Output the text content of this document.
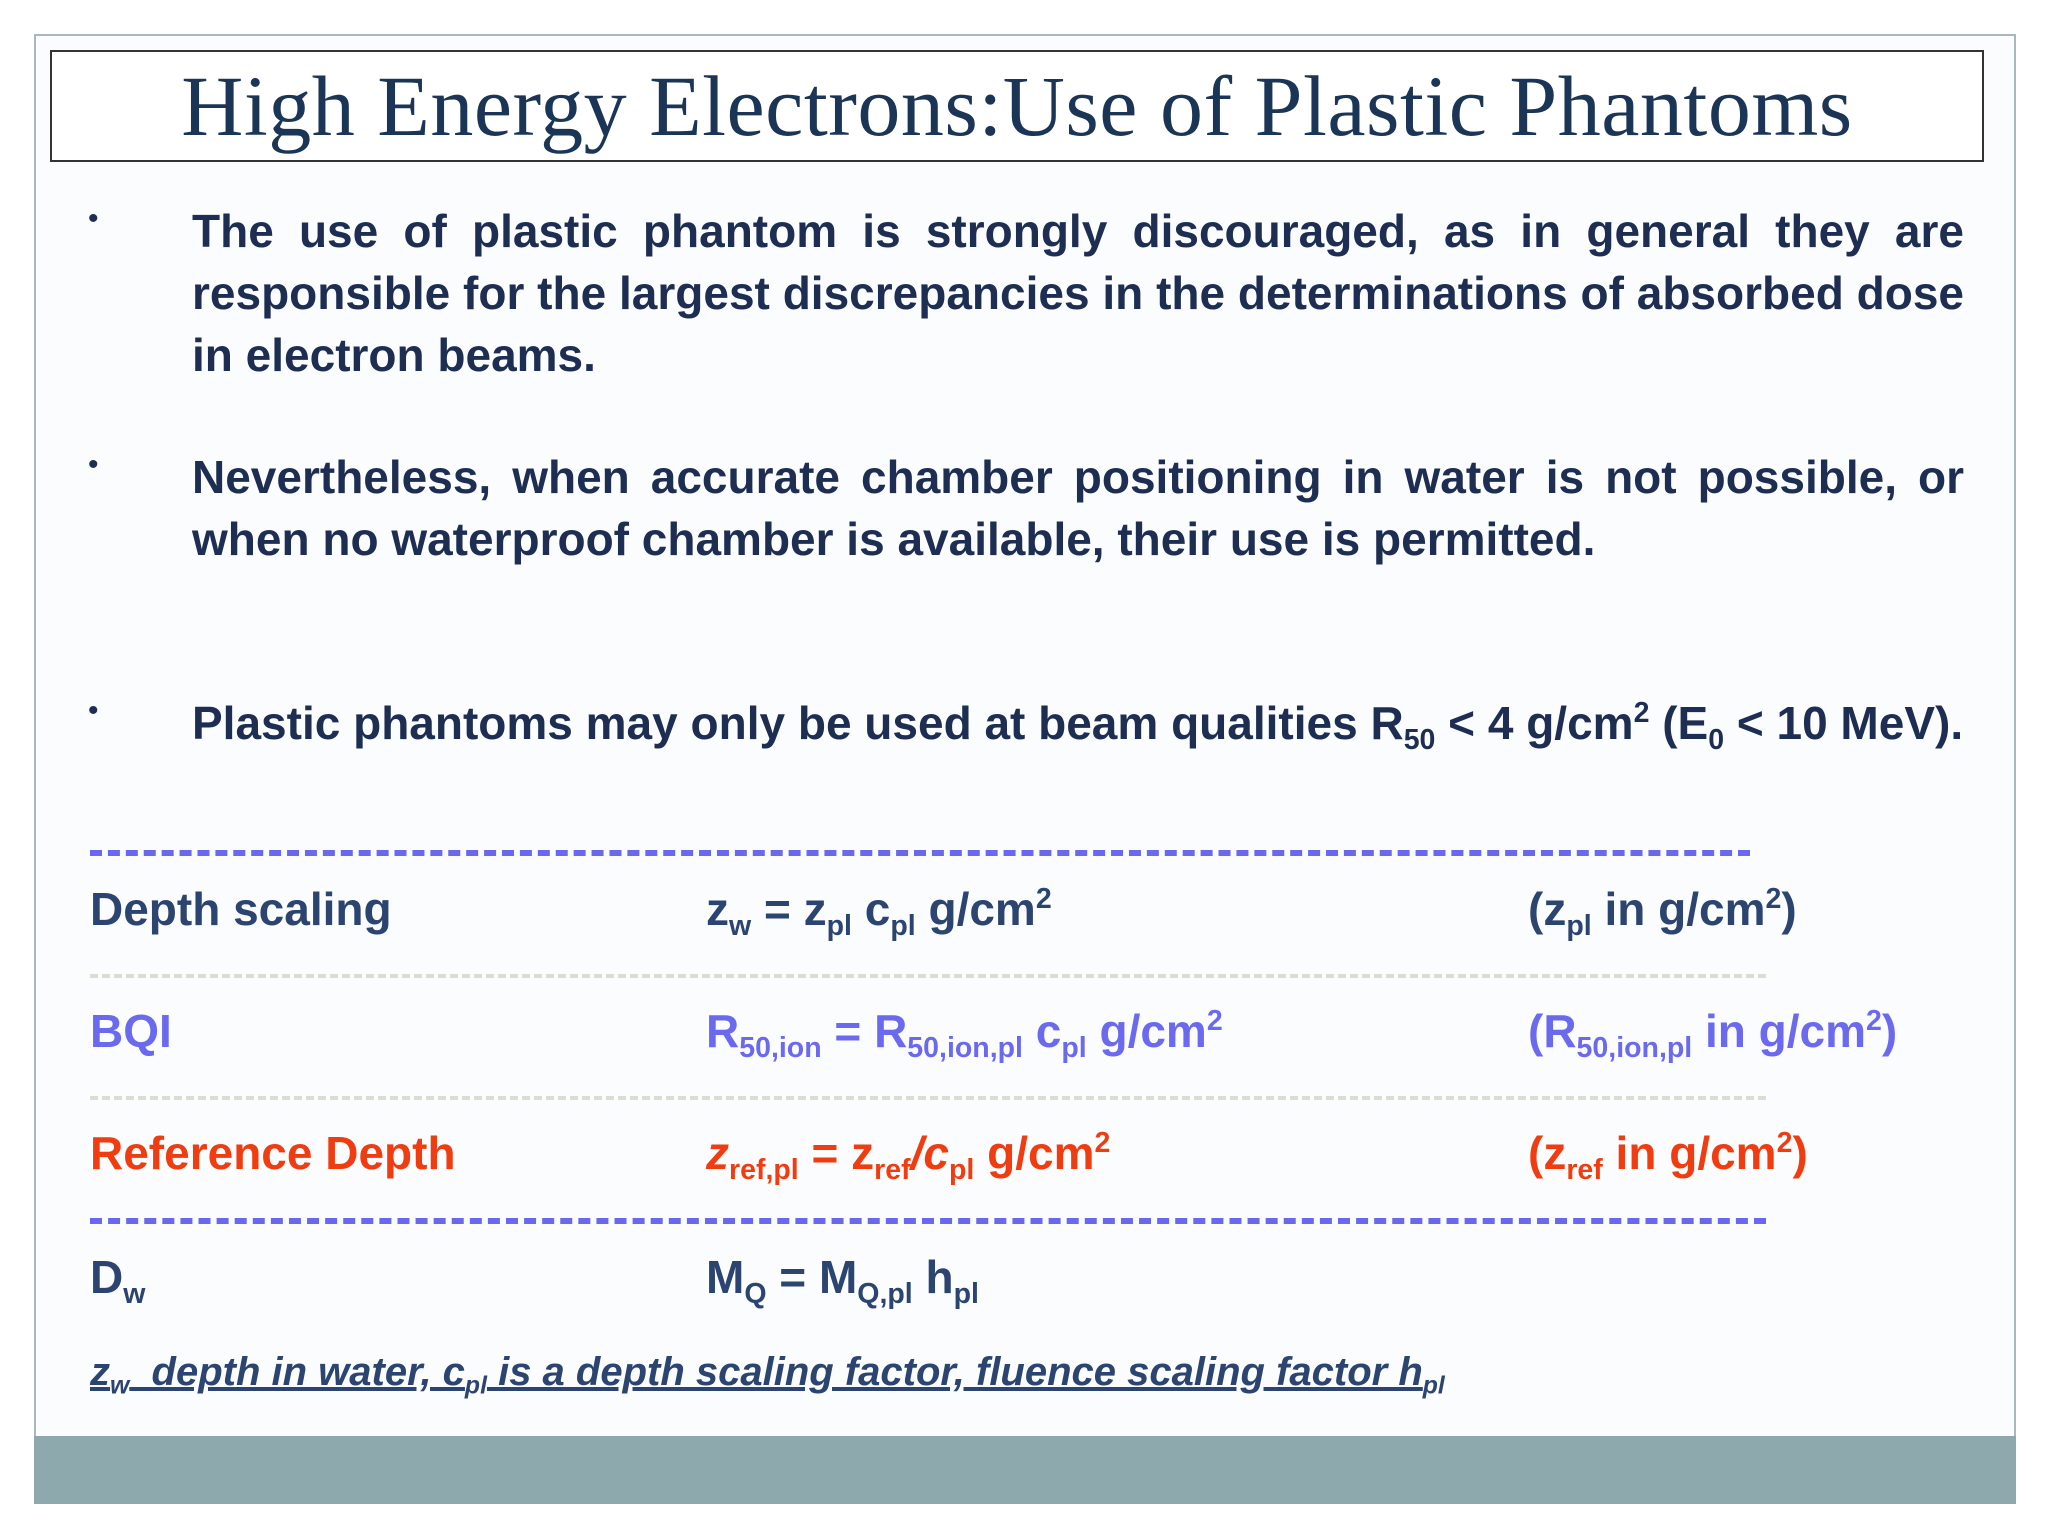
High Energy Electrons:Use of Plastic Phantoms
• The use of plastic phantom is strongly discouraged, as in general they are responsible for the largest discrepancies in the determinations of absorbed dose in electron beams.
• Nevertheless, when accurate chamber positioning in water is not possible, or when no waterproof chamber is available, their use is permitted.
• Plastic phantoms may only be used at beam qualities $R_{50} < 4$ $g/cm^2$ ($E_0 < 10$ MeV).
Depth scaling	$z_w = z_{pl}$ $c_{pl}$ $g/cm^2$	($z_{pl}$ in $g/cm^2$)
BQI	$R_{50,ion} = R_{50,ion,pl}$ $c_{pl}$ $g/cm^2$	($R_{50,ion,pl}$ in $g/cm^2$)
Reference Depth	$z_{ref,pl} = z_{ref}/c_{pl}$ $g/cm^2$	($z_{ref}$ in $g/cm^2$)
$D_w$	$M_Q = M_{Q,pl}$ $h_{pl}$
$z_w$  depth in water, $c_{pl}$ is a depth scaling factor, fluence scaling factor $h_{pl}$
